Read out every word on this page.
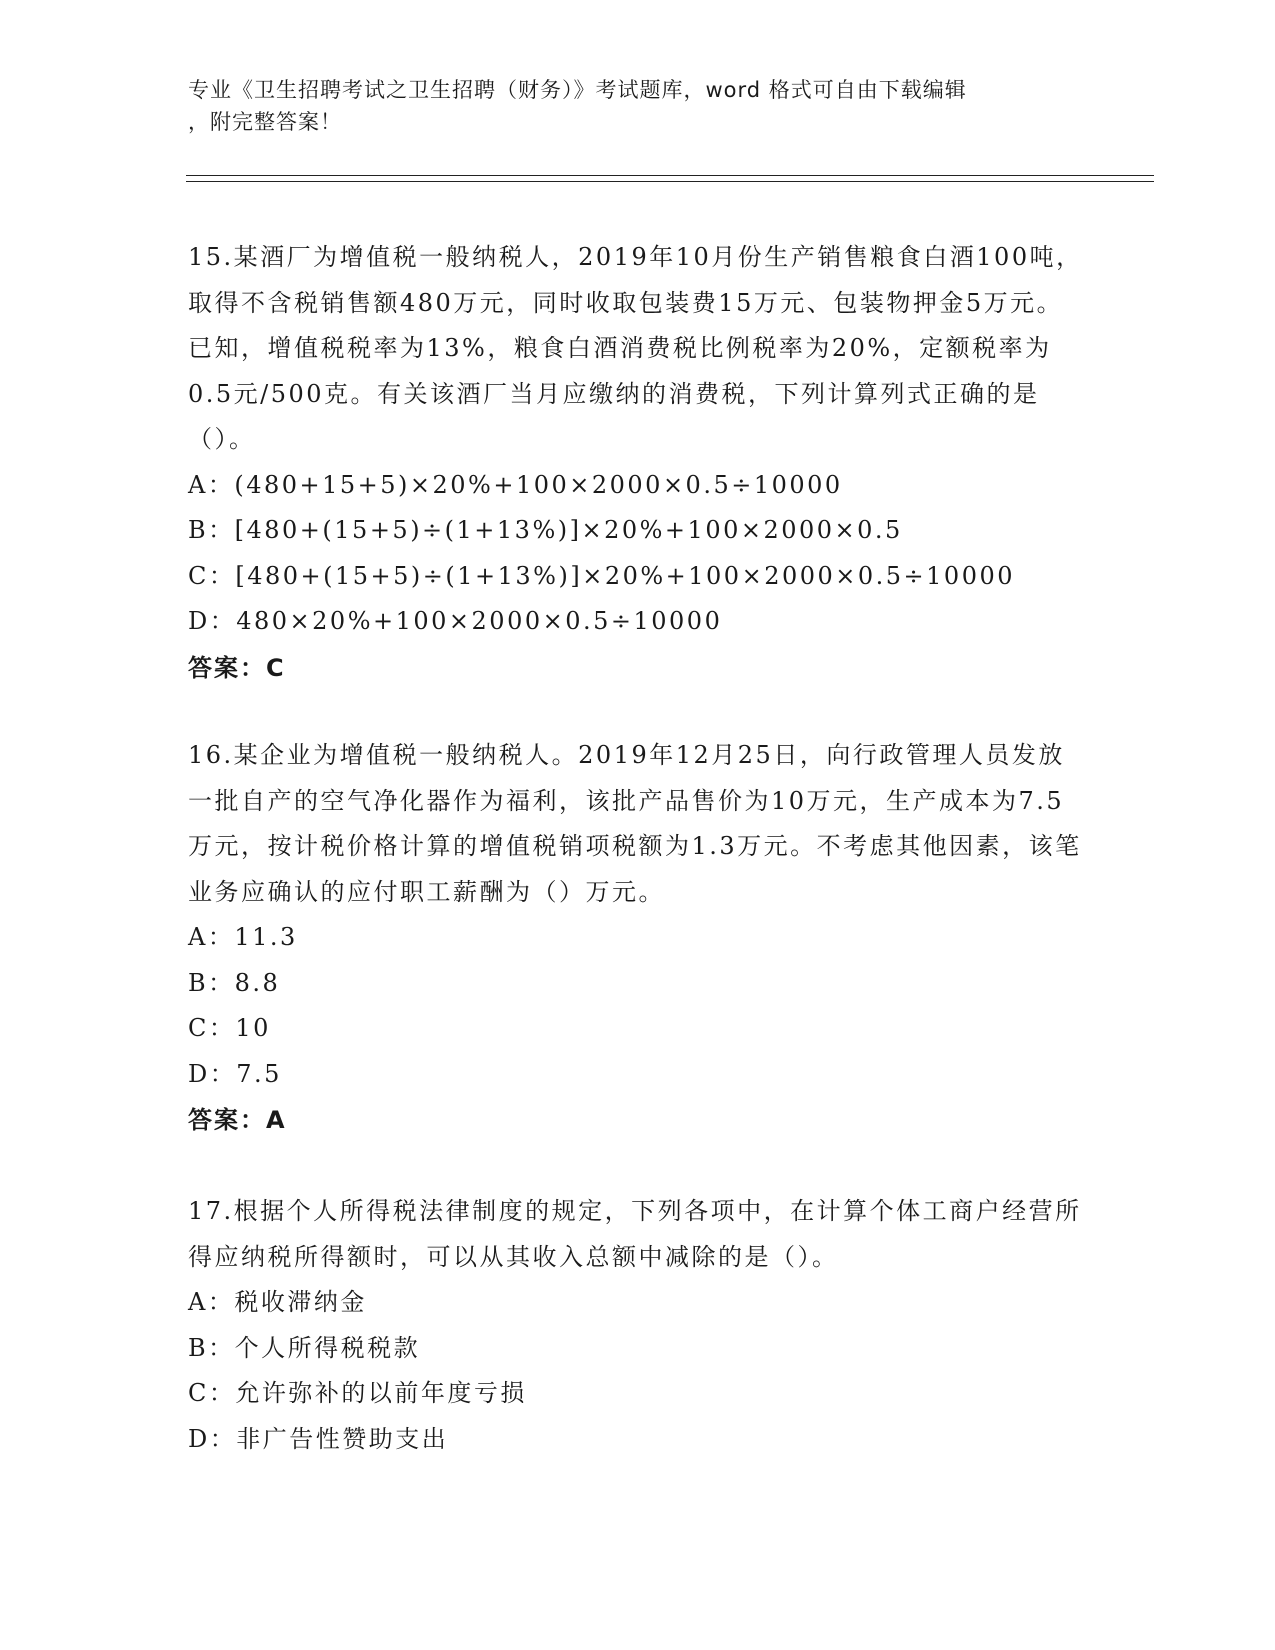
专业《卫生招聘考试之卫生招聘（财务）》考试题库，word 格式可自由下载编辑
，附完整答案！
15.某酒厂为增值税一般纳税人，2019年10月份生产销售粮食白酒100吨，取得不含税销售额480万元，同时收取包装费15万元、包装物押金5万元。已知，增值税税率为13%，粮食白酒消费税比例税率为20%，定额税率为0.5元/500克。有关该酒厂当月应缴纳的消费税，下列计算列式正确的是（）。
A：(480+15+5)×20%+100×2000×0.5÷10000
B：[480+(15+5)÷(1+13%)]×20%+100×2000×0.5
C：[480+(15+5)÷(1+13%)]×20%+100×2000×0.5÷10000
D：480×20%+100×2000×0.5÷10000
答案：C
16.某企业为增值税一般纳税人。2019年12月25日，向行政管理人员发放一批自产的空气净化器作为福利，该批产品售价为10万元，生产成本为7.5万元，按计税价格计算的增值税销项税额为1.3万元。不考虑其他因素，该笔业务应确认的应付职工薪酬为（）万元。
A：11.3
B：8.8
C：10
D：7.5
答案：A
17.根据个人所得税法律制度的规定，下列各项中，在计算个体工商户经营所得应纳税所得额时，可以从其收入总额中减除的是（）。
A：税收滞纳金
B：个人所得税税款
C：允许弥补的以前年度亏损
D：非广告性赞助支出
